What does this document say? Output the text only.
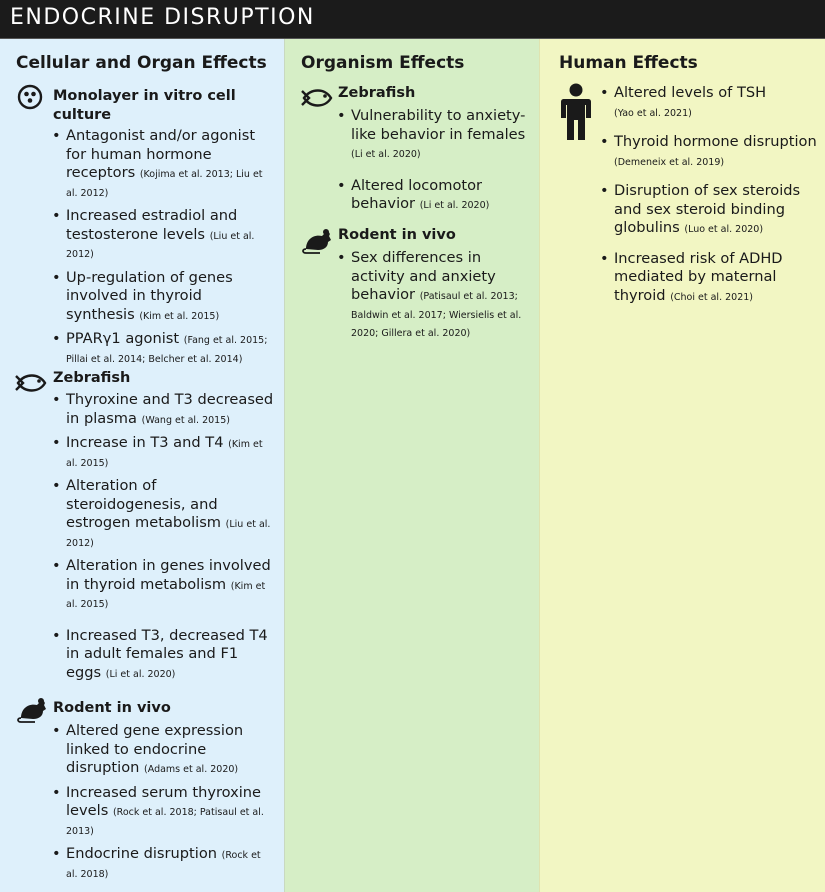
ENDOCRINE DISRUPTION
Cellular and Organ Effects
Monolayer in vitro cell culture
• Antagonist and/or agonist for human hormone receptors (Kojima et al. 2013; Liu et al. 2012)
• Increased estradiol and testosterone levels (Liu et al. 2012)
• Up-regulation of genes involved in thyroid synthesis (Kim et al. 2015)
• PPARγ1 agonist (Fang et al. 2015; Pillai et al. 2014; Belcher et al. 2014)
Zebrafish
• Thyroxine and T3 decreased in plasma (Wang et al. 2015)
• Increase in T3 and T4 (Kim et al. 2015)
• Alteration of steroidogenesis, and estrogen metabolism (Liu et al. 2012)
• Alteration in genes involved in thyroid metabolism (Kim et al. 2015)
• Increased T3, decreased T4 in adult females and F1 eggs (Li et al. 2020)
Rodent in vivo
• Altered gene expression linked to endocrine disruption (Adams et al. 2020)
• Increased serum thyroxine levels (Rock et al. 2018; Patisaul et al. 2013)
• Endocrine disruption (Rock et al. 2018)
Organism Effects
Zebrafish
• Vulnerability to anxiety-like behavior in females (Li et al. 2020)
• Altered locomotor behavior (Li et al. 2020)
Rodent in vivo
• Sex differences in activity and anxiety behavior (Patisaul et al. 2013; Baldwin et al. 2017; Wiersielis et al. 2020; Gillera et al. 2020)
Human Effects
• Altered levels of TSH
(Yao et al. 2021)
• Thyroid hormone disruption (Demeneix et al. 2019)
• Disruption of sex steroids and sex steroid binding globulins (Luo et al. 2020)
• Increased risk of ADHD mediated by maternal thyroid (Choi et al. 2021)
